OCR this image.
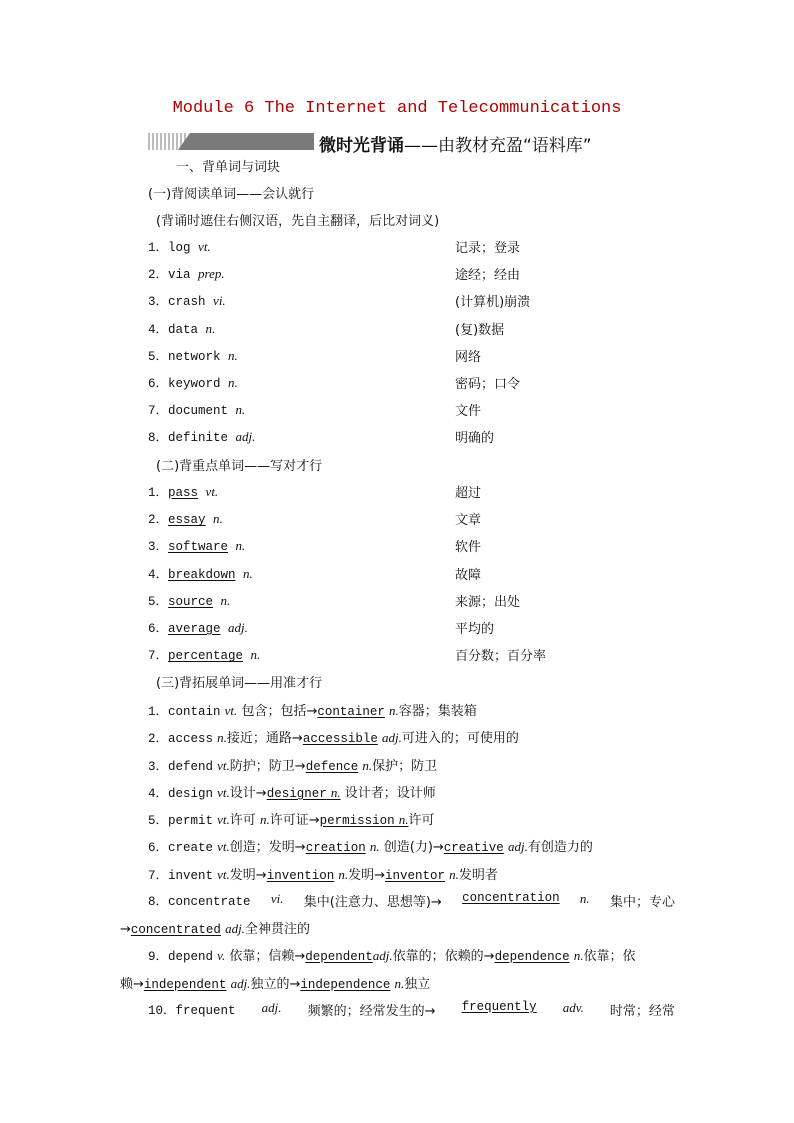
Module 6 The Internet and Telecommunications
微时光背诵——由教材充盈“语料库”
一、背单词与词块
(一)背阅读单词——会认就行
(背诵时遮住右侧汉语，先自主翻译，后比对词义)
1．log vt.	记录；登录
2．via prep.	途经；经由
3．crash vi.	(计算机)崩溃
4．data n.	(复)数据
5．network n.	网络
6．keyword n.	密码；口令
7．document n.	文件
8．definite adj.	明确的
(二)背重点单词——写对才行
1．pass vt.	超过
2．essay n.	文章
3．software n.	软件
4．breakdown n.	故障
5．source n.	来源；出处
6．average adj.	平均的
7．percentage n.	百分数；百分率
(三)背拓展单词——用准才行
1．contain vt. 包含；包括→container n.容器；集装箱
2．access n.接近；通路→accessible adj.可进入的；可使用的
3．defend vt.防护；防卫→defence n.保护；防卫
4．design vt.设计→designer n. 设计者；设计师
5．permit vt.许可 n.许可证→permission n.许可
6．create vt.创造；发明→creation n. 创造(力)→creative adj.有创造力的
7．invent vt.发明→invention n.发明→inventor n.发明者
8．concentrate vi. 集中(注意力、思想等)→ concentration n. 集中；专心
→concentrated adj.全神贯注的
9．depend v. 依靠；信赖→dependentadj.依靠的；依赖的→dependence n.依靠；依
赖→independent adj.独立的→independence n.独立
10．frequent adj. 频繁的；经常发生的→ frequently adv. 时常；经常
